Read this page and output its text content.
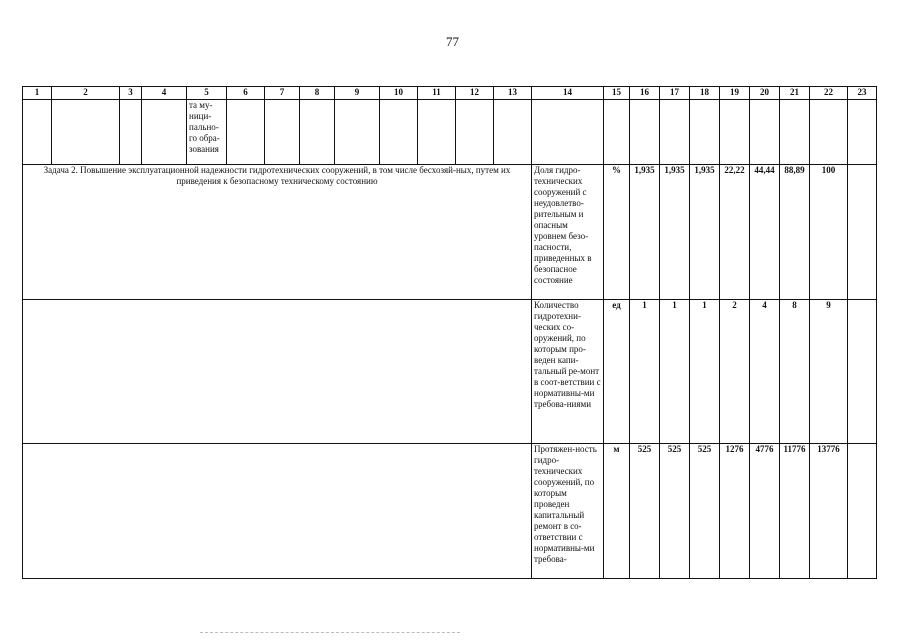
77
1	2	3	4	5	6	7	8	9	10	11	12	13	14	15	16	17	18	19	20	21	22	23
				та му-ници-пально-го обра-зования																		
Задача 2. Повышение эксплуатационной надежности гидротехнических сооружений, в том числе бесхозяй-ных, путем их приведения к безопасному техническому состоянию													Доля гидро-технических сооружений с неудовлетво-рительным и опасным уровнем безо-пасности, приведенных в безопасное состояние	%	1,935	1,935	1,935	22,22	44,44	88,89	100	
													Количество гидротехни-ческих со-оружений, по которым про-веден капи-тальный ре-монт в соот-ветствии с нормативны-ми требова-ниями	ед	1	1	1	2	4	8	9	
													Протяжен-ность гидро-технических сооружений, по которым проведен капитальный ремонт в со-ответствии с нормативны-ми требова-	м	525	525	525	1276	4776	11776	13776	
